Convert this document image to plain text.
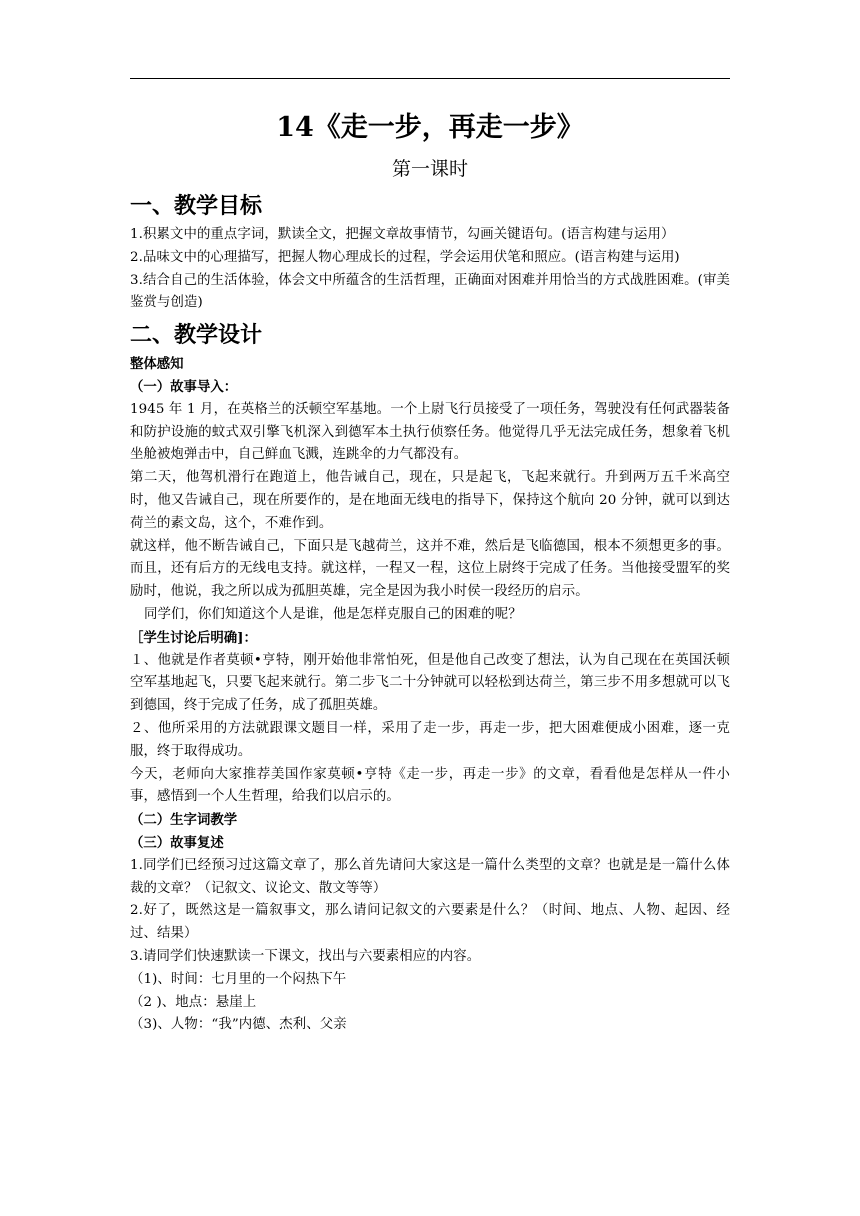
14《走一步，再走一步》
第一课时
一、教学目标
1.积累文中的重点字词，默读全文，把握文章故事情节，勾画关键语句。(语言构建与运用）
2.品味文中的心理描写，把握人物心理成长的过程，学会运用伏笔和照应。(语言构建与运用)
3.结合自己的生活体验，体会文中所蕴含的生活哲理，正确面对困难并用恰当的方式战胜困难。(审美鉴赏与创造)
二、教学设计
整体感知
（一）故事导入：
1945 年 1 月，在英格兰的沃顿空军基地。一个上尉飞行员接受了一项任务，驾驶没有任何武器装备和防护设施的蚊式双引擎飞机深入到德军本土执行侦察任务。他觉得几乎无法完成任务，想象着飞机坐舱被炮弹击中，自己鲜血飞溅，连跳伞的力气都没有。
第二天，他驾机滑行在跑道上，他告诫自己，现在，只是起飞，飞起来就行。升到两万五千米高空时，他又告诫自己，现在所要作的，是在地面无线电的指导下，保持这个航向 20 分钟，就可以到达荷兰的素文岛，这个，不难作到。
就这样，他不断告诫自己，下面只是飞越荷兰，这并不难，然后是飞临德国，根本不须想更多的事。而且，还有后方的无线电支持。就这样，一程又一程，这位上尉终于完成了任务。当他接受盟军的奖励时，他说，我之所以成为孤胆英雄，完全是因为我小时侯一段经历的启示。
同学们，你们知道这个人是谁，他是怎样克服自己的困难的呢？
［学生讨论后明确]：
１、他就是作者莫顿•亨特，刚开始他非常怕死，但是他自己改变了想法，认为自己现在在英国沃顿空军基地起飞，只要飞起来就行。第二步飞二十分钟就可以轻松到达荷兰，第三步不用多想就可以飞到德国，终于完成了任务，成了孤胆英雄。
２、他所采用的方法就跟课文题目一样，采用了走一步，再走一步，把大困难便成小困难，逐一克服，终于取得成功。
今天，老师向大家推荐美国作家莫顿•亨特《走一步，再走一步》的文章，看看他是怎样从一件小事，感悟到一个人生哲理，给我们以启示的。
（二）生字词教学
（三）故事复述
1.同学们已经预习过这篇文章了，那么首先请问大家这是一篇什么类型的文章？也就是是一篇什么体裁的文章？（记叙文、议论文、散文等等）
2.好了，既然这是一篇叙事文，那么请问记叙文的六要素是什么？（时间、地点、人物、起因、经过、结果）
3.请同学们快速默读一下课文，找出与六要素相应的内容。
（1)、时间：七月里的一个闷热下午
（2 )、地点：悬崖上
（3)、人物：“我”内德、杰利、父亲
